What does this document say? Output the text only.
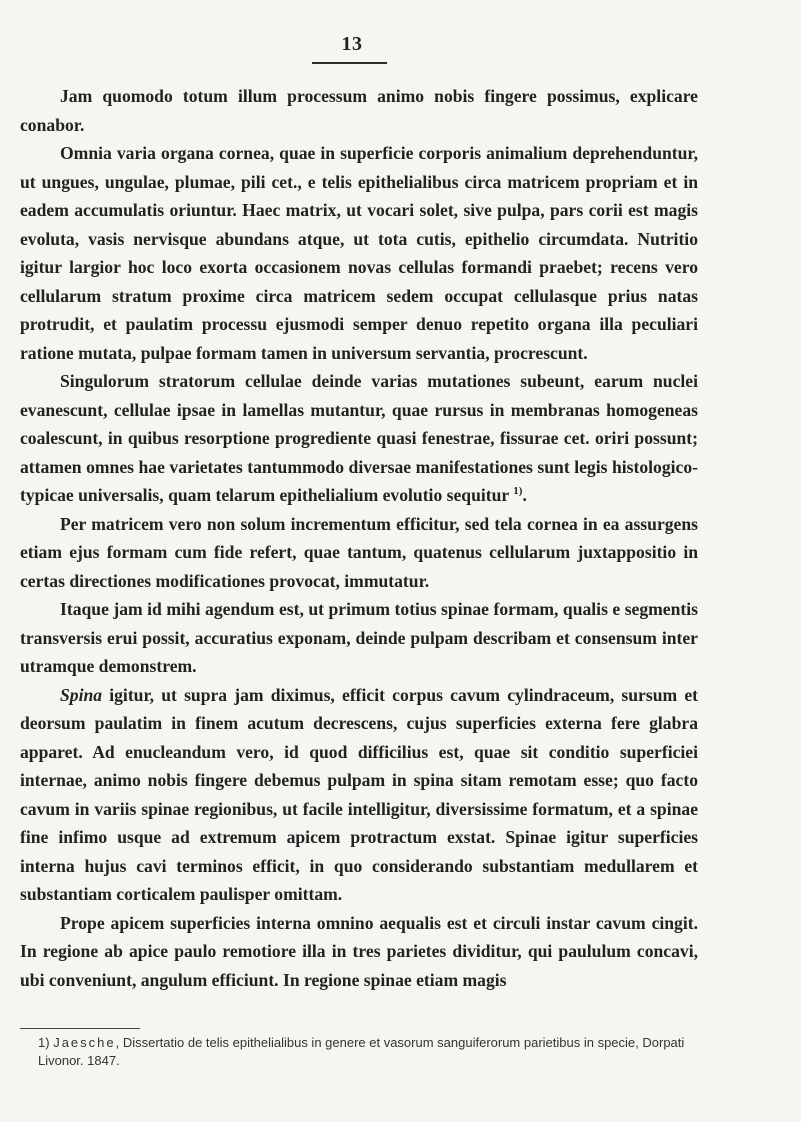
13

Jam quomodo totum illum processum animo nobis fingere possimus, explicare conabor.

Omnia varia organa cornea, quae in superficie corporis animalium deprehenduntur, ut ungues, ungulae, plumae, pili cet., e telis epithelialibus circa matricem propriam et in eadem accumulatis oriuntur. Haec matrix, ut vocari solet, sive pulpa, pars corii est magis evoluta, vasis nervisque abundans atque, ut tota cutis, epithelio circumdata. Nutritio igitur largior hoc loco exorta occasionem novas cellulas formandi praebet; recens vero cellularum stratum proxime circa matricem sedem occupat cellulasque prius natas protrudit, et paulatim processu ejusmodi semper denuo repetito organa illa peculiari ratione mutata, pulpae formam tamen in universum servantia, procrescunt.

Singulorum stratorum cellulae deinde varias mutationes subeunt, earum nuclei evanescunt, cellulae ipsae in lamellas mutantur, quae rursus in membranas homogeneas coalescunt, in quibus resorptione progrediente quasi fenestrae, fissurae cet. oriri possunt; attamen omnes hae varietates tantummodo diversae manifestationes sunt legis histologico-typicae universalis, quam telarum epithelialium evolutio sequitur $^{1)}$.

Per matricem vero non solum incrementum efficitur, sed tela cornea in ea assurgens etiam ejus formam cum fide refert, quae tantum, quatenus cellularum juxtappositio in certas directiones modificationes provocat, immutatur.

Itaque jam id mihi agendum est, ut primum totius spinae formam, qualis e segmentis transversis erui possit, accuratius exponam, deinde pulpam describam et consensum inter utramque demonstrem.

Spina igitur, ut supra jam diximus, efficit corpus cavum cylindraceum, sursum et deorsum paulatim in finem acutum decrescens, cujus superficies externa fere glabra apparet. Ad enucleandum vero, id quod difficilius est, quae sit conditio superficiei internae, animo nobis fingere debemus pulpam in spina sitam remotam esse; quo facto cavum in variis spinae regionibus, ut facile intelligitur, diversissime formatum, et a spinae fine infimo usque ad extremum apicem protractum exstat. Spinae igitur superficies interna hujus cavi terminos efficit, in quo considerando substantiam medullarem et substantiam corticalem paulisper omittam.

Prope apicem superficies interna omnino aequalis est et circuli instar cavum cingit. In regione ab apice paulo remotiore illa in tres parietes dividitur, qui paululum concavi, ubi conveniunt, angulum efficiunt. In regione spinae etiam magis

1) Jaesche, Dissertatio de telis epithelialibus in genere et vasorum sanguiferorum parietibus in specie, Dorpati Livonor. 1847.
